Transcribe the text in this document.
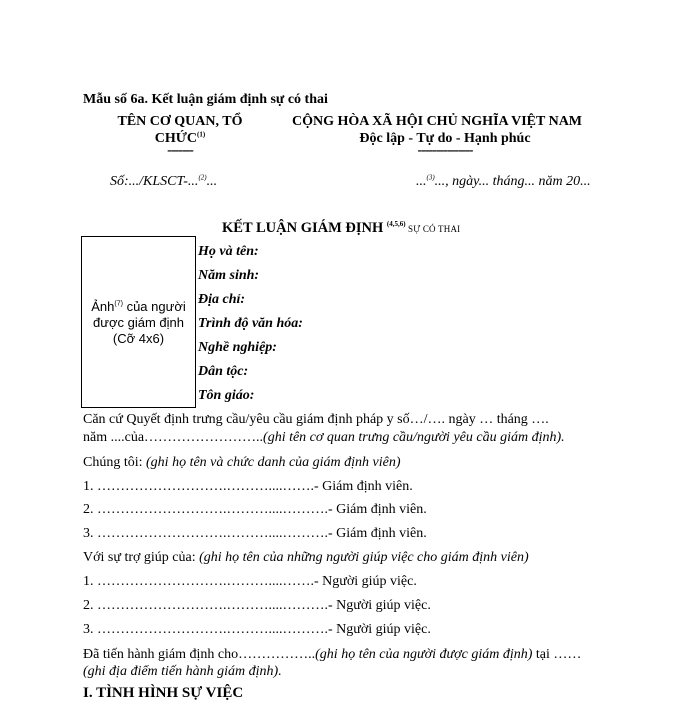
Mẫu số 6a. Kết luận giám định sự có thai
TÊN CƠ QUAN, TỔ
CHỨC$^{(1)}$
-------
CỘNG HÒA XÃ HỘI CHỦ NGHĨA VIỆT NAM
Độc lập - Tự do - Hạnh phúc
---------------
Số:.../KLSCT-...$^{(2)}$...	...$^{(3)}$..., ngày... tháng... năm 20...
KẾT LUẬN GIÁM ĐỊNH $^{(4,5,6)}$ SỰ CÓ THAI
Ảnh$^{(7)}$ của người
được giám định
(Cỡ 4x6)
Họ và tên:
Năm sinh:
Địa chỉ:
Trình độ văn hóa:
Nghề nghiệp:
Dân tộc:
Tôn giáo:
Căn cứ Quyết định trưng cầu/yêu cầu giám định pháp y số…/…. ngày … tháng ….
năm ....của……………………..(ghi tên cơ quan trưng cầu/người yêu cầu giám định).
Chúng tôi: (ghi họ tên và chức danh của giám định viên)
1. ……………………….………....…….- Giám định viên.
2. ……………………….………....……….- Giám định viên.
3. ……………………….………....……….- Giám định viên.
Với sự trợ giúp của: (ghi họ tên của những người giúp việc cho giám định viên)
1. ……………………….………....…….- Người giúp việc.
2. ……………………….………....……….- Người giúp việc.
3. ……………………….………....……….- Người giúp việc.
Đã tiến hành giám định cho……………..(ghi họ tên của người được giám định) tại ……
(ghi địa điểm tiến hành giám định).
I. TÌNH HÌNH SỰ VIỆC
